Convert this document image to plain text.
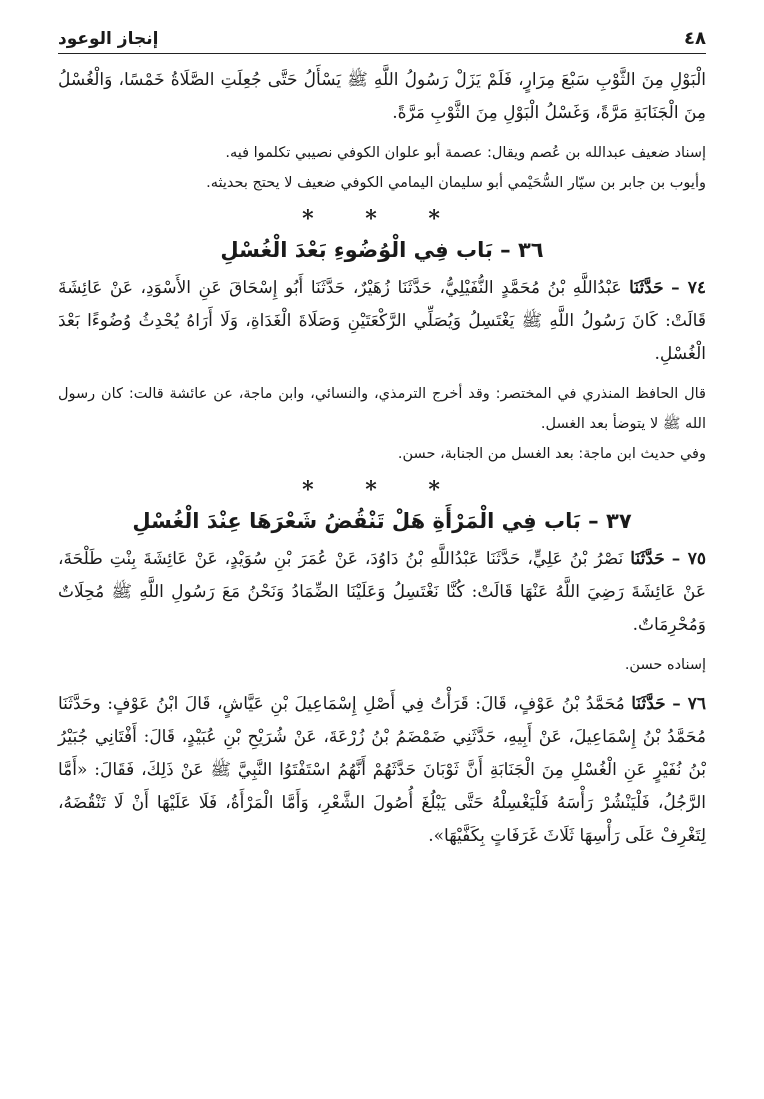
٤٨
إنجاز الوعود

الْبَوْلِ مِنَ الثَّوْبِ سَبْعَ مِرَارٍ، فَلَمْ يَزَلْ رَسُولُ اللَّهِ ﷺ يَسْأَلُ حَتَّى جُعِلَتِ الصَّلَاةُ خَمْسًا، وَالْغُسْلُ مِنَ الْجَنَابَةِ مَرَّةً، وَغَسْلُ الْبَوْلِ مِنَ الثَّوْبِ مَرَّةً.

إسناد ضعيف عبدالله بن عُصم ويقال: عصمة أبو علوان الكوفي نصيبي تكلموا فيه.

وأيوب بن جابر بن سيّار السُّحَيْمي أبو سليمان اليمامي الكوفي ضعيف لا يحتج بحديثه.

* * *
٣٦ – بَاب فِي الْوُضُوءِ بَعْدَ الْغُسْلِ

٧٤ – حَدَّثَنَا عَبْدُاللَّهِ بْنُ مُحَمَّدٍ النُّفَيْلِيُّ، حَدَّثَنَا زُهَيْرٌ، حَدَّثَنَا أَبُو إِسْحَاقَ عَنِ الأَسْوَدِ، عَنْ عَائِشَةَ قَالَتْ: كَانَ رَسُولُ اللَّهِ ﷺ يَغْتَسِلُ وَيُصَلِّي الرَّكْعَتَيْنِ وَصَلَاةَ الْغَدَاةِ، وَلَا أَرَاهُ يُحْدِثُ وُضُوءًا بَعْدَ الْغُسْلِ.

قال الحافظ المنذري في المختصر: وقد أخرج الترمذي، والنسائي، وابن ماجة، عن عائشة قالت: كان رسول الله ﷺ لا يتوضأ بعد الغسل.

وفي حديث ابن ماجة: بعد الغسل من الجنابة، حسن.

* * *
٣٧ – بَاب فِي الْمَرْأَةِ هَلْ تَنْقُضُ شَعْرَهَا عِنْدَ الْغُسْلِ

٧٥ – حَدَّثَنَا نَصْرُ بْنُ عَلِيٍّ، حَدَّثَنَا عَبْدُاللَّهِ بْنُ دَاوُدَ، عَنْ عُمَرَ بْنِ سُوَيْدٍ، عَنْ عَائِشَةَ بِنْتِ طَلْحَةَ، عَنْ عَائِشَةَ رَضِيَ اللَّهُ عَنْهَا قَالَتْ: كُنَّا نَغْتَسِلُ وَعَلَيْنَا الضِّمَادُ وَنَحْنُ مَعَ رَسُولِ اللَّهِ ﷺ مُحِلَاتٌ وَمُحْرِمَاتٌ.

إسناده حسن.

٧٦ – حَدَّثَنَا مُحَمَّدُ بْنُ عَوْفٍ، قَالَ: قَرَأْتُ فِي أَصْلِ إِسْمَاعِيلَ بْنِ عَيَّاشٍ، قَالَ ابْنُ عَوْفٍ: وحَدَّثَنَا مُحَمَّدُ بْنُ إِسْمَاعِيلَ، عَنْ أَبِيهِ، حَدَّثَنِي ضَمْضَمُ بْنُ زُرْعَةَ، عَنْ شُرَيْحِ بْنِ عُبَيْدٍ، قَالَ: أَفْتَانِي جُبَيْرُ بْنُ نُفَيْرٍ عَنِ الْغُسْلِ مِنَ الْجَنَابَةِ أَنَّ ثَوْبَانَ حَدَّثَهُمْ أَنَّهُمُ اسْتَفْتَوُا النَّبِيَّ ﷺ عَنْ ذَلِكَ، فَقَالَ: «أَمَّا الرَّجُلُ، فَلْيَنْشُرْ رَأْسَهُ فَلْيَغْسِلْهُ حَتَّى يَبْلُغَ أُصُولَ الشَّعْرِ، وَأَمَّا الْمَرْأَةُ، فَلَا عَلَيْهَا أَنْ لَا تَنْقُضَهُ، لِتَغْرِفْ عَلَى رَأْسِهَا ثَلَاثَ غَرَفَاتٍ بِكَفَّيْهَا».
